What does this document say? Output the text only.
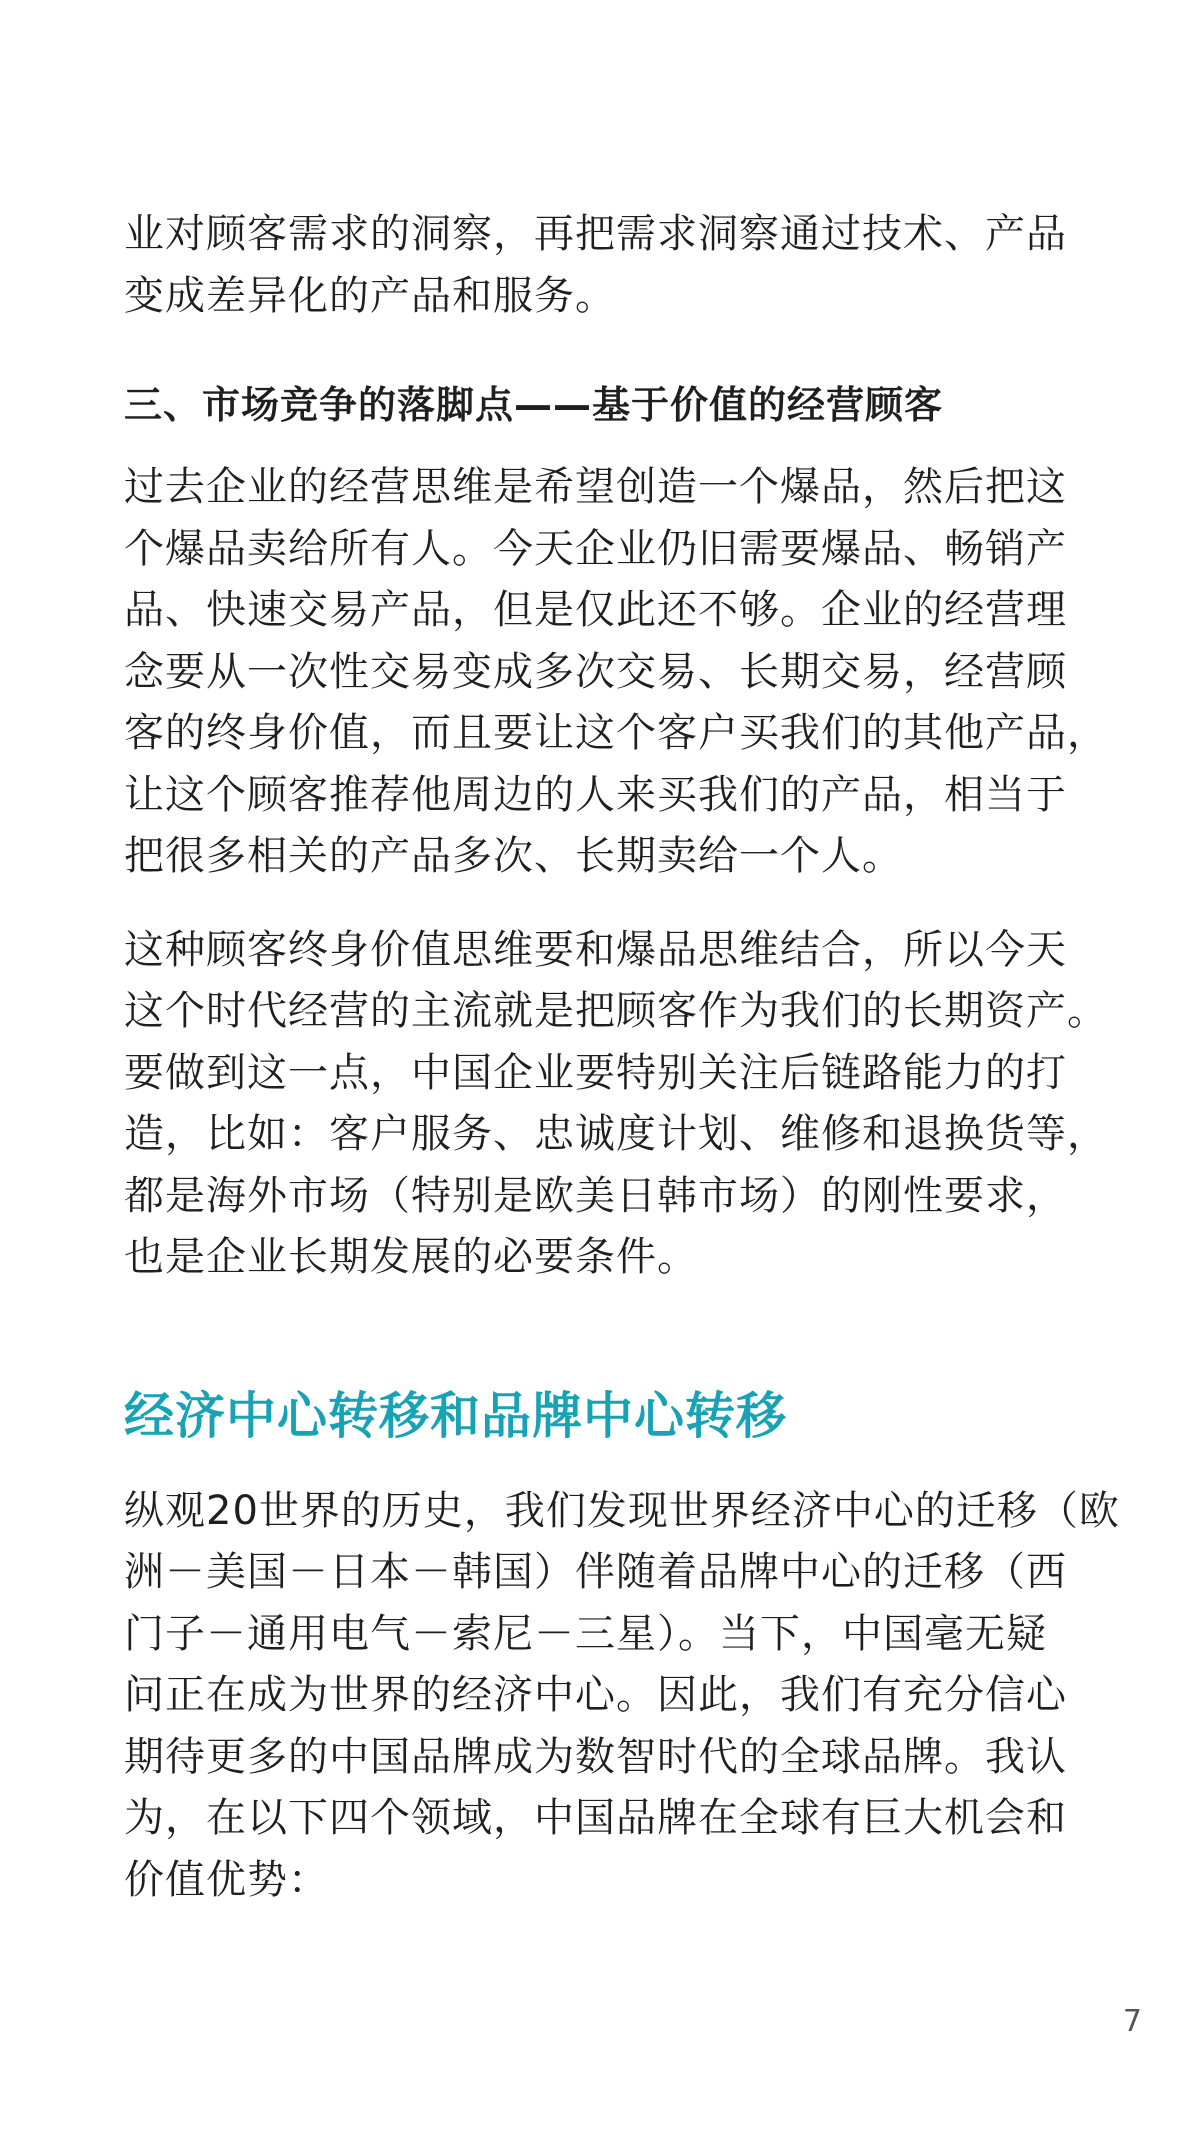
业对顾客需求的洞察，再把需求洞察通过技术、产品
变成差异化的产品和服务。

三、市场竞争的落脚点——基于价值的经营顾客

过去企业的经营思维是希望创造一个爆品，然后把这
个爆品卖给所有人。今天企业仍旧需要爆品、畅销产
品、快速交易产品，但是仅此还不够。企业的经营理
念要从一次性交易变成多次交易、长期交易，经营顾
客的终身价值，而且要让这个客户买我们的其他产品，
让这个顾客推荐他周边的人来买我们的产品，相当于
把很多相关的产品多次、长期卖给一个人。

这种顾客终身价值思维要和爆品思维结合，所以今天
这个时代经营的主流就是把顾客作为我们的长期资产。
要做到这一点，中国企业要特别关注后链路能力的打
造，比如：客户服务、忠诚度计划、维修和退换货等，
都是海外市场（特别是欧美日韩市场）的刚性要求，
也是企业长期发展的必要条件。

经济中心转移和品牌中心转移

纵观20世界的历史，我们发现世界经济中心的迁移（欧
洲－美国－日本－韩国）伴随着品牌中心的迁移（西
门子－通用电气－索尼－三星）。当下，中国毫无疑
问正在成为世界的经济中心。因此，我们有充分信心
期待更多的中国品牌成为数智时代的全球品牌。我认
为，在以下四个领域，中国品牌在全球有巨大机会和
价值优势：

7
